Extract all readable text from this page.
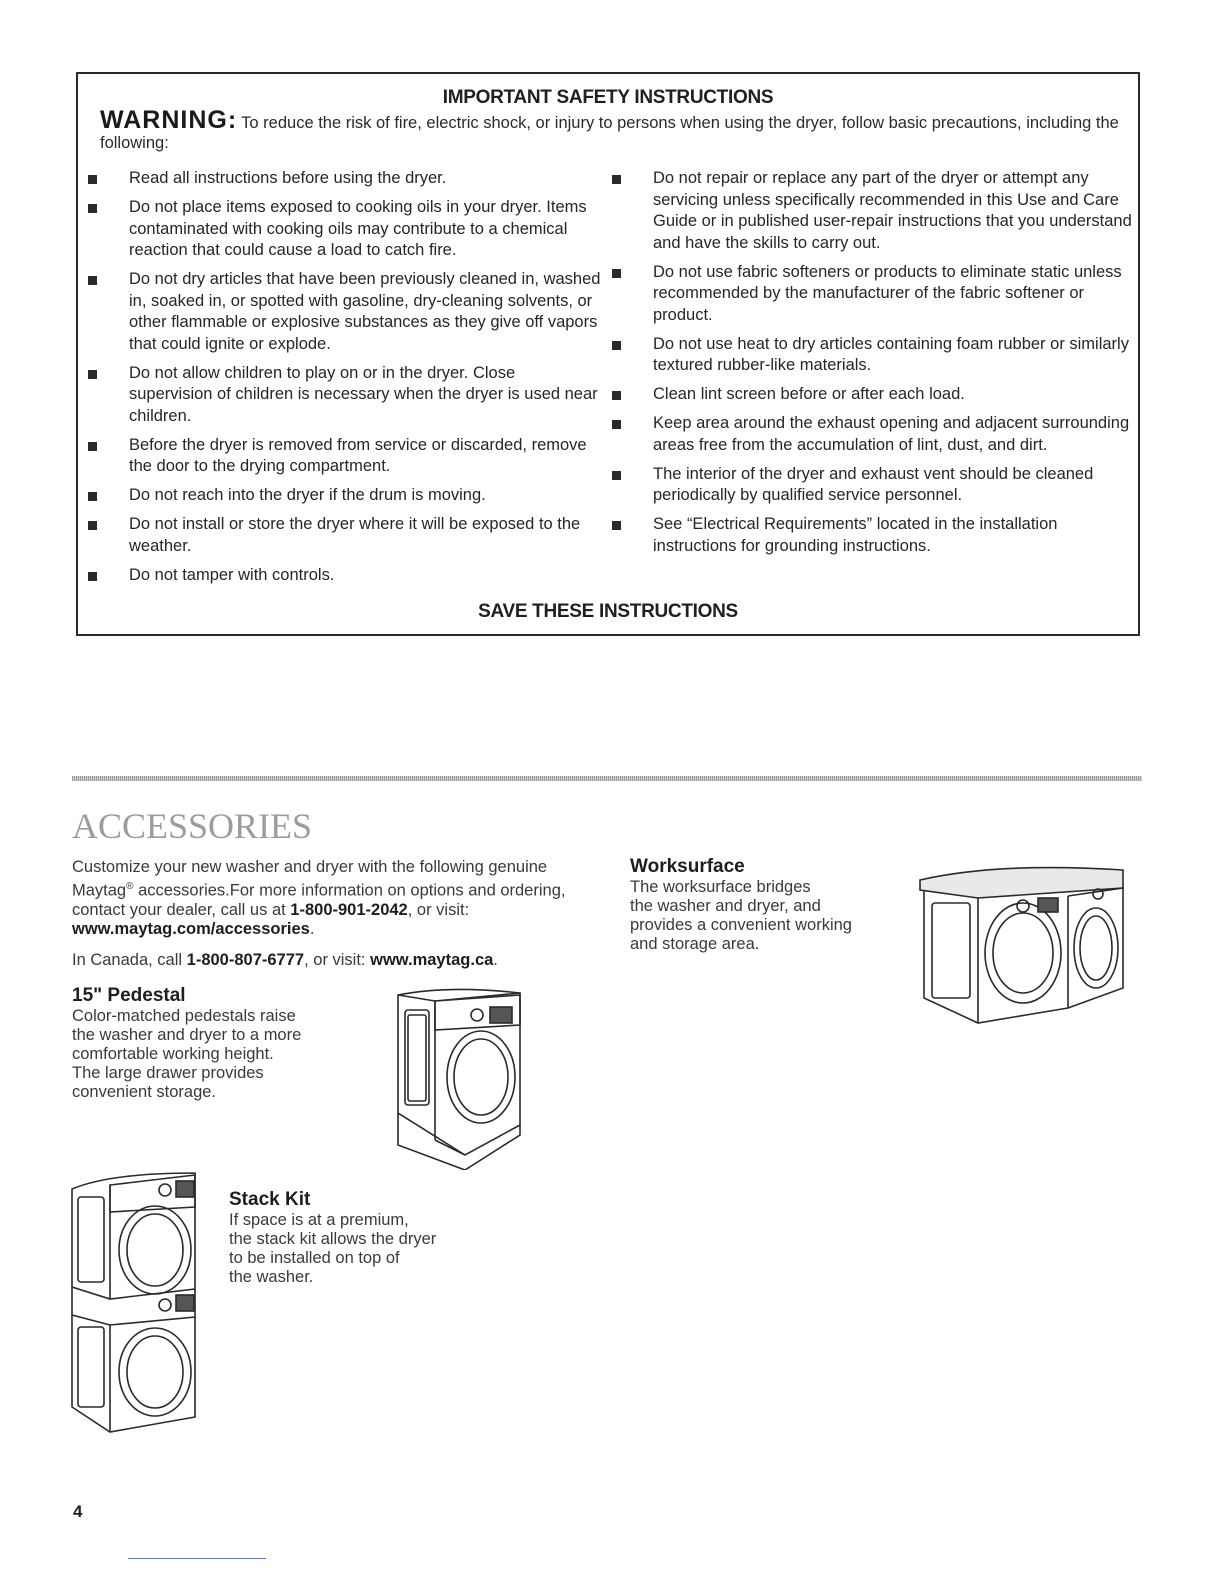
IMPORTANT SAFETY INSTRUCTIONS
WARNING: To reduce the risk of fire, electric shock, or injury to persons when using the dryer, follow basic precautions, including the following:
Read all instructions before using the dryer.
Do not place items exposed to cooking oils in your dryer. Items contaminated with cooking oils may contribute to a chemical reaction that could cause a load to catch fire.
Do not dry articles that have been previously cleaned in, washed in, soaked in, or spotted with gasoline, dry-cleaning solvents, or other flammable or explosive substances as they give off vapors that could ignite or explode.
Do not allow children to play on or in the dryer. Close supervision of children is necessary when the dryer is used near children.
Before the dryer is removed from service or discarded, remove the door to the drying compartment.
Do not reach into the dryer if the drum is moving.
Do not install or store the dryer where it will be exposed to the weather.
Do not tamper with controls.
Do not repair or replace any part of the dryer or attempt any servicing unless specifically recommended in this Use and Care Guide or in published user-repair instructions that you understand and have the skills to carry out.
Do not use fabric softeners or products to eliminate static unless recommended by the manufacturer of the fabric softener or product.
Do not use heat to dry articles containing foam rubber or similarly textured rubber-like materials.
Clean lint screen before or after each load.
Keep area around the exhaust opening and adjacent surrounding areas free from the accumulation of lint, dust, and dirt.
The interior of the dryer and exhaust vent should be cleaned periodically by qualified service personnel.
See “Electrical Requirements” located in the installation instructions for grounding instructions.
SAVE THESE INSTRUCTIONS
ACCESSORIES
Customize your new washer and dryer with the following genuine Maytag® accessories.For more information on options and ordering, contact your dealer, call us at 1-800-901-2042, or visit: www.maytag.com/accessories.
In Canada, call 1-800-807-6777, or visit: www.maytag.ca.
15" Pedestal
Color-matched pedestals raise
the washer and dryer to a more
comfortable working height.
The large drawer provides
convenient storage.
Stack Kit
If space is at a premium,
the stack kit allows the dryer
to be installed on top of
the washer.
Worksurface
The worksurface bridges
the washer and dryer, and
provides a convenient working
and storage area.
4
